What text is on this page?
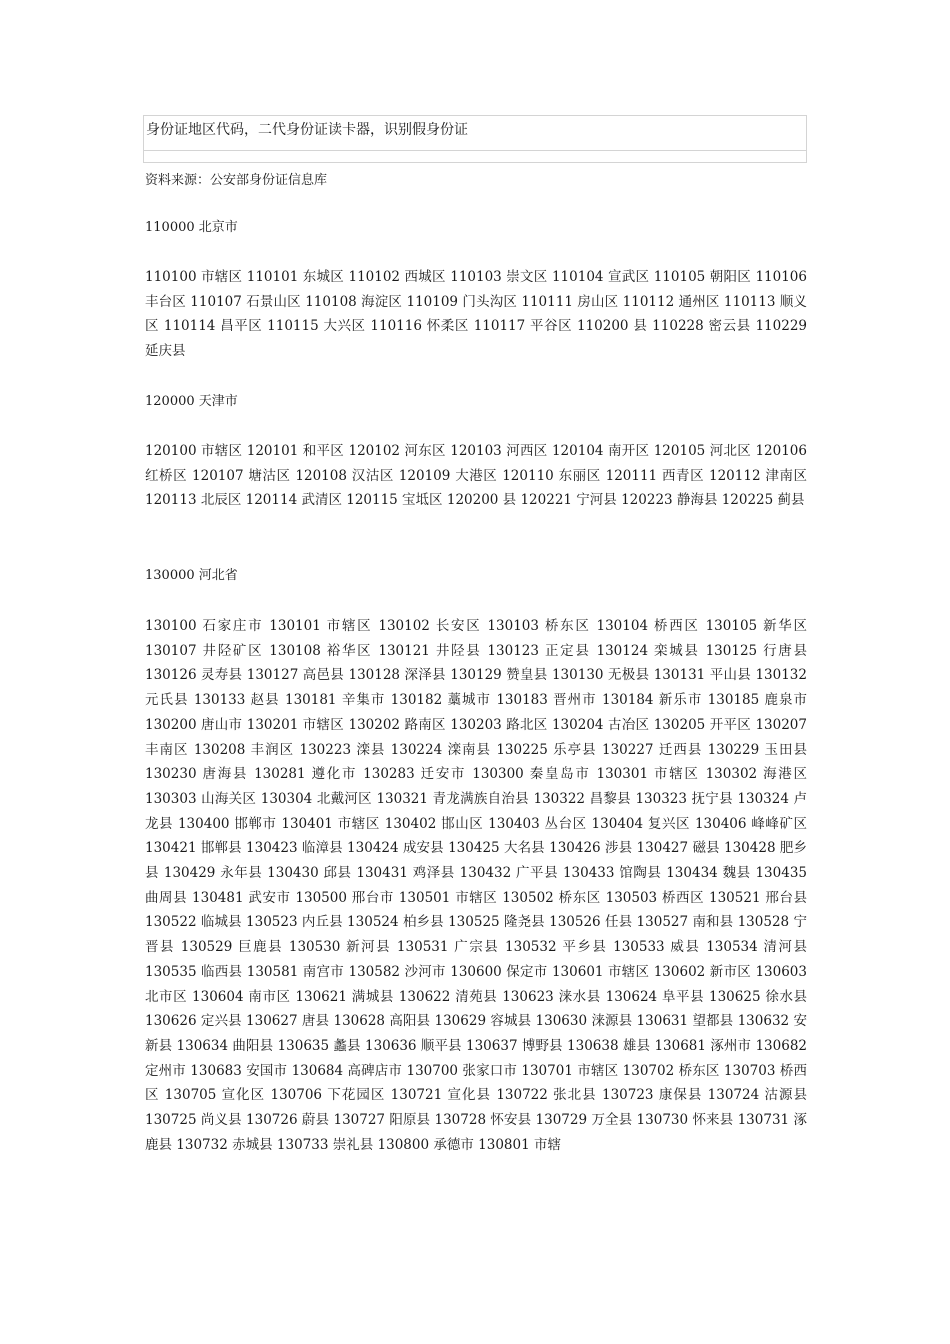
身份证地区代码，二代身份证读卡器，识别假身份证
资料来源：公安部身份证信息库
110000 北京市
110100 市辖区 110101 东城区 110102 西城区 110103 崇文区 110104 宣武区 110105 朝阳区 110106 丰台区 110107 石景山区 110108 海淀区 110109 门头沟区 110111 房山区 110112 通州区 110113 顺义区 110114 昌平区 110115 大兴区 110116 怀柔区 110117 平谷区 110200 县 110228 密云县 110229 延庆县
120000 天津市
120100 市辖区 120101 和平区 120102 河东区 120103 河西区 120104 南开区 120105 河北区 120106 红桥区 120107 塘沽区 120108 汉沽区 120109 大港区 120110 东丽区 120111 西青区 120112 津南区 120113 北辰区 120114 武清区 120115 宝坻区 120200 县 120221 宁河县 120223 静海县 120225 蓟县
130000 河北省
130100 石家庄市 130101 市辖区 130102 长安区 130103 桥东区 130104 桥西区 130105 新华区 130107 井陉矿区 130108 裕华区 130121 井陉县 130123 正定县 130124 栾城县 130125 行唐县 130126 灵寿县 130127 高邑县 130128 深泽县 130129 赞皇县 130130 无极县 130131 平山县 130132 元氏县 130133 赵县 130181 辛集市 130182 藁城市 130183 晋州市 130184 新乐市 130185 鹿泉市 130200 唐山市 130201 市辖区 130202 路南区 130203 路北区 130204 古冶区 130205 开平区 130207 丰南区 130208 丰润区 130223 滦县 130224 滦南县 130225 乐亭县 130227 迁西县 130229 玉田县 130230 唐海县 130281 遵化市 130283 迁安市 130300 秦皇岛市 130301 市辖区 130302 海港区 130303 山海关区 130304 北戴河区 130321 青龙满族自治县 130322 昌黎县 130323 抚宁县 130324 卢龙县 130400 邯郸市 130401 市辖区 130402 邯山区 130403 丛台区 130404 复兴区 130406 峰峰矿区 130421 邯郸县 130423 临漳县 130424 成安县 130425 大名县 130426 涉县 130427 磁县 130428 肥乡县 130429 永年县 130430 邱县 130431 鸡泽县 130432 广平县 130433 馆陶县 130434 魏县 130435 曲周县 130481 武安市 130500 邢台市 130501 市辖区 130502 桥东区 130503 桥西区 130521 邢台县 130522 临城县 130523 内丘县 130524 柏乡县 130525 隆尧县 130526 任县 130527 南和县 130528 宁晋县 130529 巨鹿县 130530 新河县 130531 广宗县 130532 平乡县 130533 威县 130534 清河县 130535 临西县 130581 南宫市 130582 沙河市 130600 保定市 130601 市辖区 130602 新市区 130603 北市区 130604 南市区 130621 满城县 130622 清苑县 130623 涞水县 130624 阜平县 130625 徐水县 130626 定兴县 130627 唐县 130628 高阳县 130629 容城县 130630 涞源县 130631 望都县 130632 安新县 130634 曲阳县 130635 蠡县 130636 顺平县 130637 博野县 130638 雄县 130681 涿州市 130682 定州市 130683 安国市 130684 高碑店市 130700 张家口市 130701 市辖区 130702 桥东区 130703 桥西区 130705 宣化区 130706 下花园区 130721 宣化县 130722 张北县 130723 康保县 130724 沽源县 130725 尚义县 130726 蔚县 130727 阳原县 130728 怀安县 130729 万全县 130730 怀来县 130731 涿鹿县 130732 赤城县 130733 崇礼县 130800 承德市 130801 市辖
